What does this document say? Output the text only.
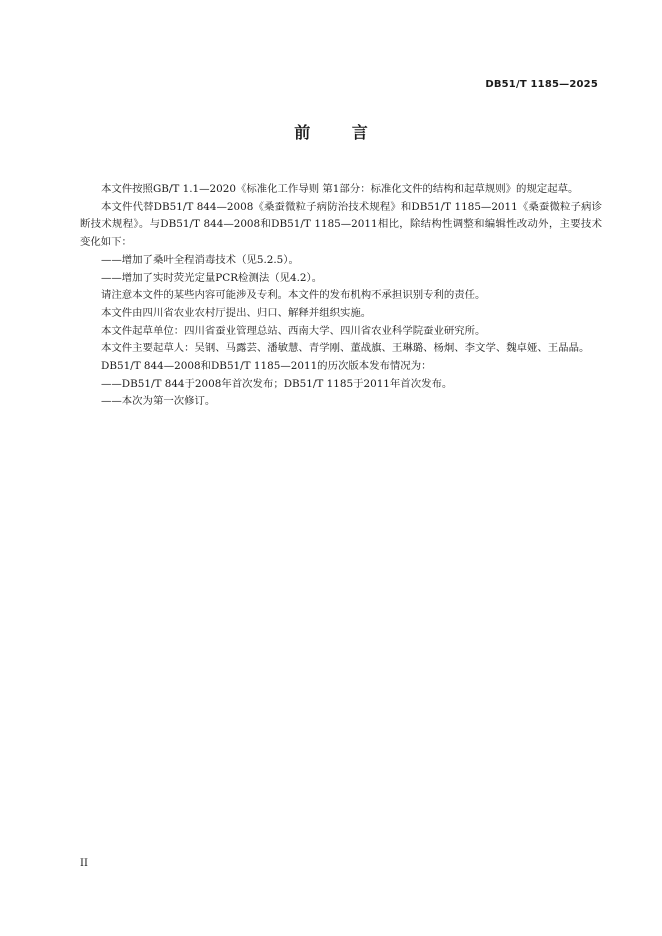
DB51/T 1185—2025
前 言

本文件按照GB/T 1.1—2020《标准化工作导则 第1部分：标准化文件的结构和起草规则》的规定起草。

本文件代替DB51/T 844—2008《桑蚕微粒子病防治技术规程》和DB51/T 1185—2011《桑蚕微粒子病诊断技术规程》。与DB51/T 844—2008和DB51/T 1185—2011相比，除结构性调整和编辑性改动外，主要技术变化如下：

——增加了桑叶全程消毒技术（见5.2.5）。

——增加了实时荧光定量PCR检测法（见4.2）。

请注意本文件的某些内容可能涉及专利。本文件的发布机构不承担识别专利的责任。

本文件由四川省农业农村厅提出、归口、解释并组织实施。

本文件起草单位：四川省蚕业管理总站、西南大学、四川省农业科学院蚕业研究所。

本文件主要起草人：吴钢、马露芸、潘敏慧、青学刚、董战旗、王琳璐、杨炯、李文学、魏卓娅、王晶晶。

DB51/T 844—2008和DB51/T 1185—2011的历次版本发布情况为：

——DB51/T 844于2008年首次发布；DB51/T 1185于2011年首次发布。

——本次为第一次修订。

II
